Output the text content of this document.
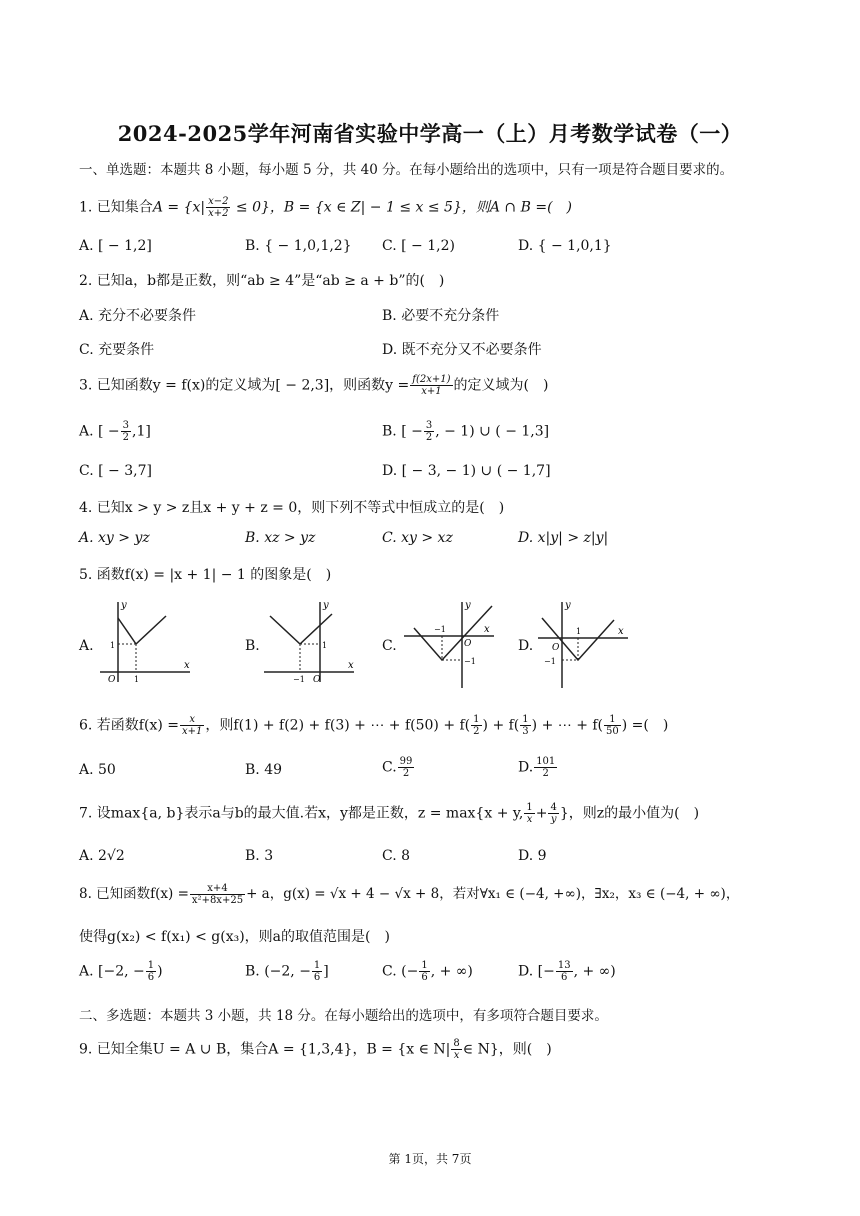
2024-2025学年河南省实验中学高一（上）月考数学试卷（一）
一、单选题：本题共 8 小题，每小题 5 分，共 40 分。在每小题给出的选项中，只有一项是符合题目要求的。
1. 已知集合$A = \{x| \frac{x-2}{x+2} \le 0\}$，B = {x ∈ Z| − 1 ≤ x ≤ 5}，则A ∩ B =(　)
A. [ − 1,2]	B. { − 1,0,1,2} C. [ − 1,2)	D. { − 1,0,1}
2. 已知a，b都是正数，则“ab ≥ 4”是“ab ≥ a + b”的(　)
A. 充分不必要条件	B. 必要不充分条件
C. 充要条件	D. 既不充分又不必要条件
3. 已知函数y = f(x)的定义域为[ − 2,3]，则函数$y = \frac{f(2x+1)}{x+1}$ 的定义域为(　)
A. [ − $\frac{3}{2} ,1$]	B. [ − $\frac{3}{2}$ , − 1) ∪ ( − 1,3]
C. [ − 3,7]	D. [ − 3, − 1) ∪ ( − 1,7]
4. 已知x > y > z且x + y + z = 0，则下列不等式中恒成立的是(　)
A. xy > yz	B. xz > yz	C. xy > xz	D. x|y| > z|y|
5. 函数f(x) = |x + 1| − 1 的图象是(　)
A.
y
x
O
1
1
B.
y
x
O
1
−1
C.
y
x
O
−1
−1
D.
y
x
O
1
−1
6. 若函数$f(x) = \frac{x}{x+1}$ ，则f(1) + f(2) + f(3) + ⋯ + $f(50) + f( \frac{1}{2}$ ) + $f( \frac{1}{3}$ ) + ⋯ + $f( \frac{1}{50}$ ) =(　)
A. 50	B. 49	C. $\frac{99}{2}$	D. $\frac{101}{2}$
7. 设max{a, b}表示a与b的最大值.若x，y都是正数，z = max{x + y, $\frac{1}{x} + \frac{4}{y}$ }，则z的最小值为(　)
A. 2√2	B. 3	C. 8	D. 9
8. 已知函数$f(x) = \frac{x+4}{\text{x²+8x+25}} + a$，g(x) = √x + 4 − √x + 8，若对∀x₁ ∈ (−4, +∞)，∃x₂，x₃ ∈ (−4, + ∞)，
使得g(x₂) < f(x₁) < g(x₃)，则a的取值范围是(　)
A. [−2, − $\frac{1}{6}$ )	B. (−2, − $\frac{1}{6}$ ]	C. (− $\frac{1}{6}$ , + ∞)	D. [− $\frac{13}{6}$ , + ∞)
二、多选题：本题共 3 小题，共 18 分。在每小题给出的选项中，有多项符合题目要求。
9. 已知全集U = A ∪ B，集合A = {1,3,4}，B = {x ∈ $N| \frac{8}{x}$ ∈ N}，则(　)
第 1页，共 7页
